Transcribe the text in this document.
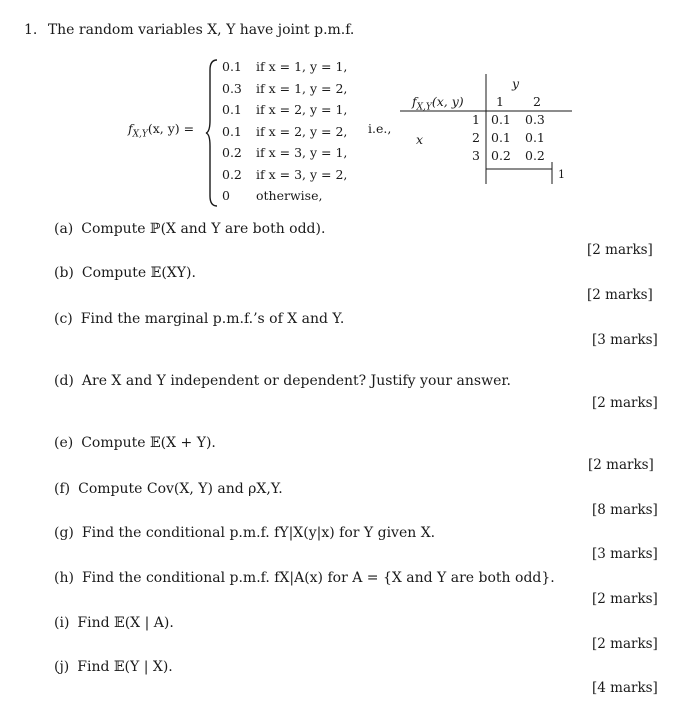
1. The random variables X, Y have joint p.m.f.
$f_{X,Y}(x$, y) =
0.1 if x = 1, y = 1,
0.3 if x = 1, y = 2,
0.1 if x = 2, y = 1,
0.1 if x = 2, y = 2,
0.2 if x = 3, y = 1,
0.2 if x = 3, y = 2,
0 otherwise,
i.e.,
y
$f_{X,Y}(x$, y)	1 2
x
1 0.1 0.3
2 0.1 0.1
3 0.2 0.2
1
(a) Compute ℙ(X and Y are both odd).
[2 marks]
(b) Compute 𝔼(XY).
[2 marks]
(c) Find the marginal p.m.f.’s of X and Y.
[3 marks]
(d) Are X and Y independent or dependent? Justify your answer.
[2 marks]
(e) Compute 𝔼(X + Y).
[2 marks]
(f) Compute Cov(X, Y) and ρX,Y.
[8 marks]
(g) Find the conditional p.m.f. fY|X(y|x) for Y given X.
[3 marks]
(h) Find the conditional p.m.f. fX|A(x) for A = {X and Y are both odd}.
[2 marks]
(i) Find 𝔼(X | A).
[2 marks]
(j) Find 𝔼(Y | X).
[4 marks]
